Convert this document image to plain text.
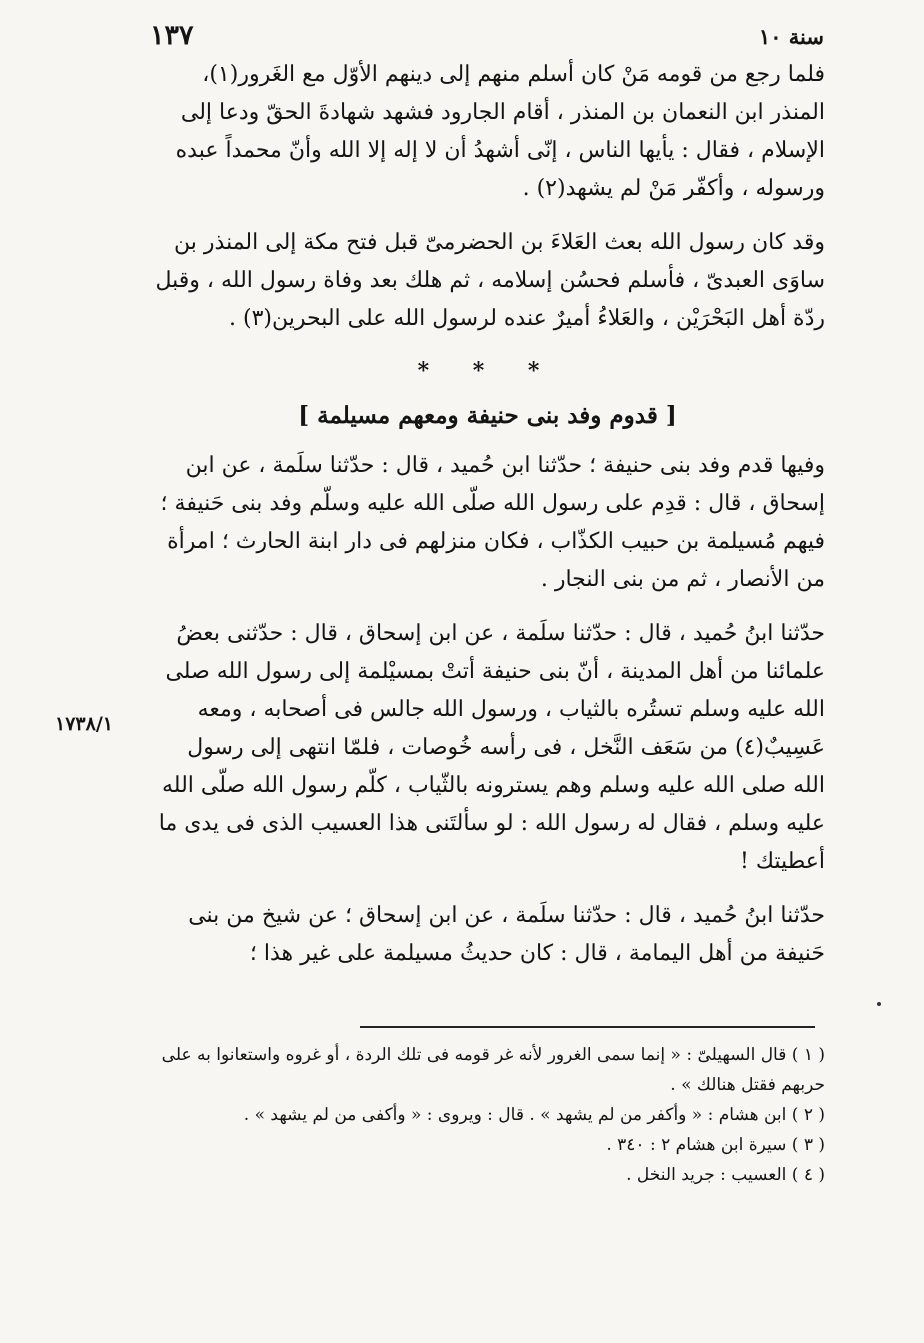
سنة ١٠
١٣٧

فلما رجع من قومه مَنْ كان أسلم منهم إلى دينهم الأوّل مع الغَرور(١)، المنذر ابن النعمان بن المنذر ، أقام الجارود فشهد شهادةَ الحقّ ودعا إلى الإسلام ، فقال : يأيها الناس ، إنّى أشهدُ أن لا إله إلا الله وأنّ محمداً عبده ورسوله ، وأكفّر مَنْ لم يشهد(٢) .

وقد كان رسول الله بعث العَلاءَ بن الحضرمىّ قبل فتح مكة إلى المنذر بن ساوَى العبدىّ ، فأسلم فحسُن إسلامه ، ثم هلك بعد وفاة رسول الله ، وقبل ردّة أهل البَحْرَيْن ، والعَلاءُ أميرٌ عنده لرسول الله على البحرين(٣) .

* * *
[ قدوم وفد بنى حنيفة ومعهم مسيلمة ]

وفيها قدم وفد بنى حنيفة ؛ حدّثنا ابن حُميد ، قال : حدّثنا سلَمة ، عن ابن إسحاق ، قال : قدِم على رسول الله صلّى الله عليه وسلّم وفد بنى حَنيفة ؛ فيهم مُسيلمة بن حبيب الكذّاب ، فكان منزلهم فى دار ابنة الحارث ؛ امرأة من الأنصار ، ثم من بنى النجار .

حدّثنا ابنُ حُميد ، قال : حدّثنا سلَمة ، عن ابن إسحاق ، قال : حدّثنى بعضُ علمائنا من أهل المدينة ، أنّ بنى حنيفة أتتْ بمسيْلمة إلى رسول الله صلى الله عليه وسلم تستُره بالثياب ، ورسول الله جالس فى أصحابه ، ومعه عَسِيبٌ(٤) من سَعَف النَّخل ، فى رأسه خُوصات ، فلمّا انتهى إلى رسول الله صلى الله عليه وسلم وهم يسترونه بالثّياب ، كلّم رسول الله صلّى الله عليه وسلم ، فقال له رسول الله : لو سألتَنى هذا العسيب الذى فى يدى ما أعطيتك !

حدّثنا ابنُ حُميد ، قال : حدّثنا سلَمة ، عن ابن إسحاق ؛ عن شيخ من بنى حَنيفة من أهل اليمامة ، قال : كان حديثُ مسيلمة على غير هذا ؛

١٧٣٨/١

( ١ ) قال السهيلىّ : « إنما سمى الغرور لأنه غر قومه فى تلك الردة ، أو غروه واستعانوا به على حربهم فقتل هنالك » .

( ٢ ) ابن هشام : « وأكفر من لم يشهد » . قال : ويروى : « وأكفى من لم يشهد » .

( ٣ ) سيرة ابن هشام ٢ : ٣٤٠ .

( ٤ ) العسيب : جريد النخل .
